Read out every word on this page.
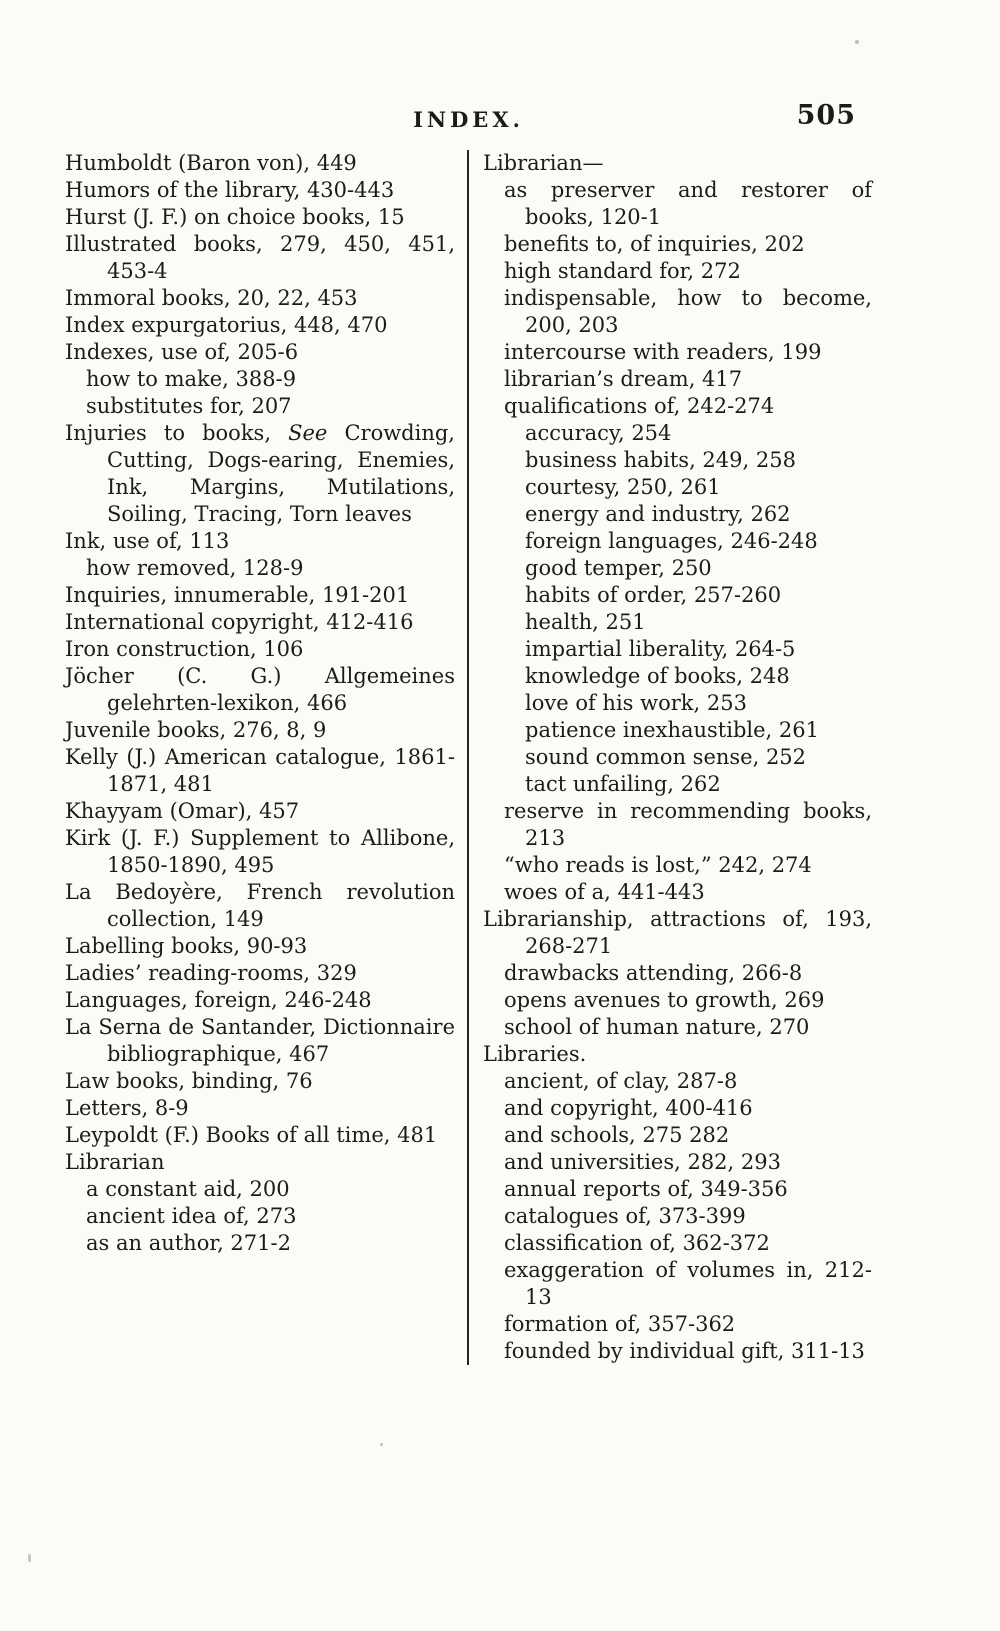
INDEX.	505
Humboldt (Baron von), 449
Humors of the library, 430-443
Hurst (J. F.) on choice books, 15
Illustrated books, 279, 450, 451, 453-4
Immoral books, 20, 22, 453
Index expurgatorius, 448, 470
Indexes, use of, 205-6
how to make, 388-9
substitutes for, 207
Injuries to books, See Crowding, Cutting, Dogs-earing, Enemies, Ink, Margins, Mutilations, Soiling, Tracing, Torn leaves
Ink, use of, 113
how removed, 128-9
Inquiries, innumerable, 191-201
International copyright, 412-416
Iron construction, 106
Jöcher (C. G.) Allgemeines gelehrten-lexikon, 466
Juvenile books, 276, 8, 9
Kelly (J.) American catalogue, 1861-1871, 481
Khayyam (Omar), 457
Kirk (J. F.) Supplement to Allibone, 1850-1890, 495
La Bedoyère, French revolution collection, 149
Labelling books, 90-93
Ladies’ reading-rooms, 329
Languages, foreign, 246-248
La Serna de Santander, Dictionnaire bibliographique, 467
Law books, binding, 76
Letters, 8-9
Leypoldt (F.) Books of all time, 481
Librarian
a constant aid, 200
ancient idea of, 273
as an author, 271-2
Librarian—
as preserver and restorer of books, 120-1
benefits to, of inquiries, 202
high standard for, 272
indispensable, how to become, 200, 203
intercourse with readers, 199
librarian’s dream, 417
qualifications of, 242-274
accuracy, 254
business habits, 249, 258
courtesy, 250, 261
energy and industry, 262
foreign languages, 246-248
good temper, 250
habits of order, 257-260
health, 251
impartial liberality, 264-5
knowledge of books, 248
love of his work, 253
patience inexhaustible, 261
sound common sense, 252
tact unfailing, 262
reserve in recommending books, 213
“who reads is lost,” 242, 274
woes of a, 441-443
Librarianship, attractions of, 193, 268-271
drawbacks attending, 266-8
opens avenues to growth, 269
school of human nature, 270
Libraries.
ancient, of clay, 287-8
and copyright, 400-416
and schools, 275 282
and universities, 282, 293
annual reports of, 349-356
catalogues of, 373-399
classification of, 362-372
exaggeration of volumes in, 212-13
formation of, 357-362
founded by individual gift, 311-13
